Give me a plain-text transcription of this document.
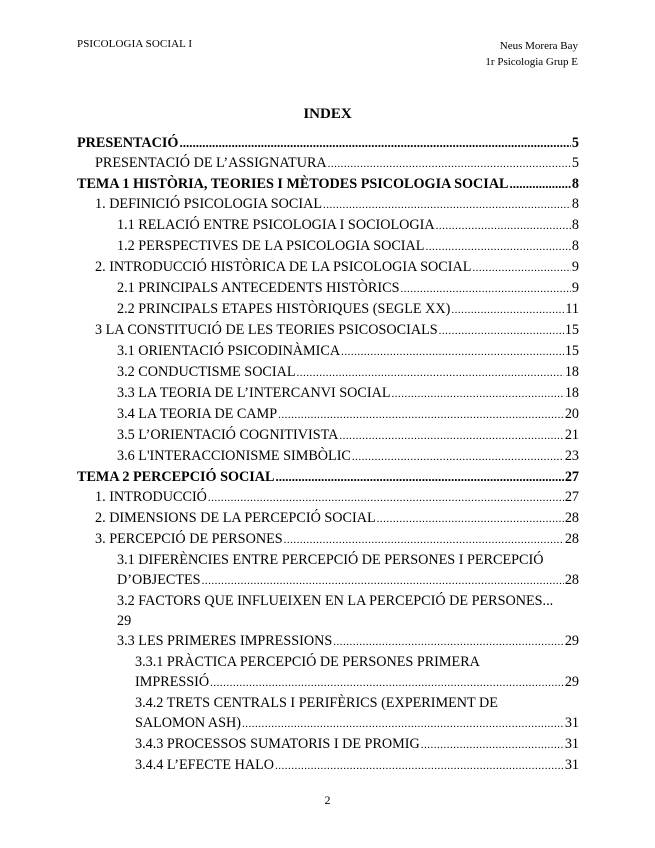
PSICOLOGIA SOCIAL I	Neus Morera Bay
1r Psicologia Grup E
INDEX
PRESENTACIÓ .....	5
PRESENTACIÓ DE L’ASSIGNATURA .....	5
TEMA 1 HISTÒRIA, TEORIES I MÈTODES PSICOLOGIA SOCIAL .....	8
1. DEFINICIÓ PSICOLOGIA SOCIAL .....	8
1.1 RELACIÓ ENTRE PSICOLOGIA I SOCIOLOGIA .....	8
1.2 PERSPECTIVES DE LA PSICOLOGIA SOCIAL .....	8
2. INTRODUCCIÓ HISTÒRICA DE LA PSICOLOGIA SOCIAL .....	9
2.1 PRINCIPALS ANTECEDENTS HISTÒRICS .....	9
2.2 PRINCIPALS ETAPES HISTÒRIQUES (SEGLE XX) .....	11
3 LA CONSTITUCIÓ DE LES TEORIES PSICOSOCIALS .....	15
3.1 ORIENTACIÓ PSICODINÀMICA .....	15
3.2 CONDUCTISME SOCIAL .....	18
3.3 LA TEORIA DE L’INTERCANVI SOCIAL .....	18
3.4 LA TEORIA DE CAMP .....	20
3.5 L’ORIENTACIÓ COGNITIVISTA .....	21
3.6 L'INTERACCIONISME SIMBÒLIC .....	23
TEMA 2 PERCEPCIÓ SOCIAL .....	27
1. INTRODUCCIÓ .....	27
2. DIMENSIONS DE LA PERCEPCIÓ SOCIAL .....	28
3. PERCEPCIÓ DE PERSONES .....	28
3.1 DIFERÈNCIES ENTRE PERCEPCIÓ DE PERSONES I PERCEPCIÓ
D’OBJECTES .....	28
3.2 FACTORS QUE INFLUEIXEN EN LA PERCEPCIÓ DE PERSONES...
29
3.3 LES PRIMERES IMPRESSIONS .....	29
3.3.1 PRÀCTICA PERCEPCIÓ DE PERSONES PRIMERA
IMPRESSIÓ .....	29
3.4.2 TRETS CENTRALS I PERIFÈRICS (EXPERIMENT DE
SALOMON ASH) .....	31
3.4.3 PROCESSOS SUMATORIS I DE PROMIG .....	31
3.4.4 L’EFECTE HALO .....	31
2
